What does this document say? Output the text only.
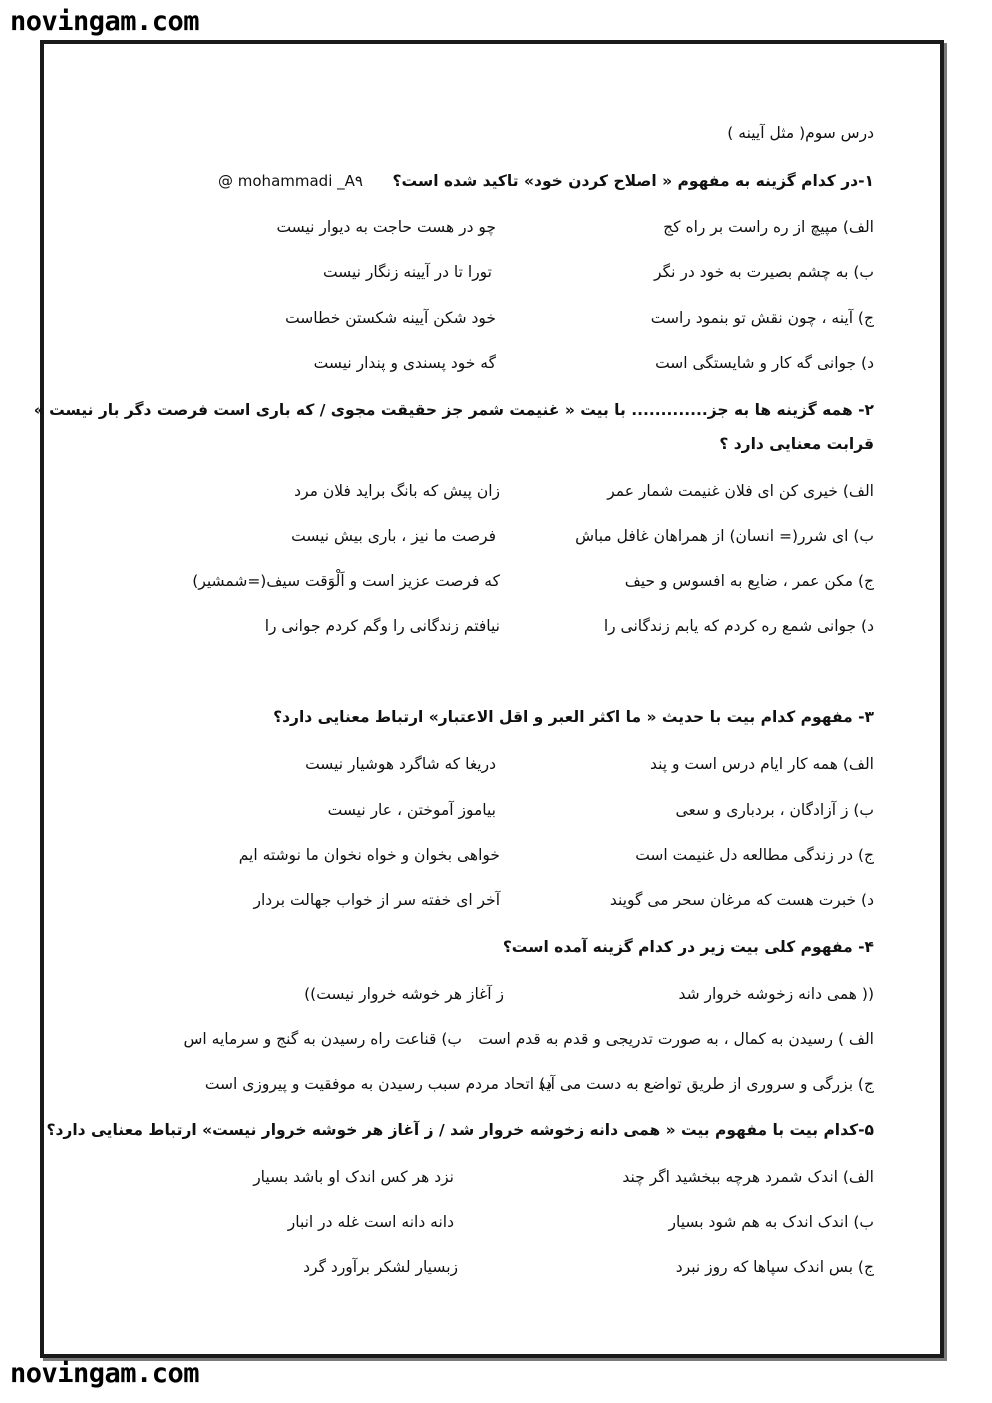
novingam.com
درس سوم( مثل آیینه )
۱-در کدام گزینه به مفهوم « اصلاح کردن خود» تاکید شده است؟
@ mohammadi _A۹
الف) مپیچ از ره راست بر راه کج
چو در هست حاجت به دیوار نیست
ب) به چشم بصیرت به خود در نگر
تورا تا در آیینه زنگار نیست
ج) آینه ، چون نقش تو بنمود راست
خود شکن آیینه شکستن خطاست
د) جوانی گه کار و شایستگی است
گه خود پسندی و پندار نیست
۲- همه گزینه ها به جز............. با بیت « غنیمت شمر جز حقیقت مجوی / که باری است فرصت دگر بار نیست »
قرابت معنایی دارد ؟
الف) خیری کن ای فلان غنیمت شمار عمر
زان پیش که بانگ براید فلان مرد
ب) ای شرر(= انسان) از همراهان غافل مباش
فرصت ما نیز ، باری بیش نیست
ج) مکن عمر ، ضایع به افسوس و حیف
که فرصت عزیز است و اَلْوَقت سیف(=شمشیر)
د) جوانی شمع ره کردم که یابم زندگانی را
نیافتم زندگانی را وگم کردم جوانی را
۳- مفهوم کدام بیت با حدیث « ما اکثر العبر و اقل الاعتبار» ارتباط معنایی دارد؟
الف) همه کار ایام درس است و پند
دریغا که شاگرد هوشیار نیست
ب) ز آزادگان ، بردباری و سعی
بیاموز آموختن ، عار نیست
ج) در زندگی مطالعه دل غنیمت است
خواهی بخوان و خواه نخوان ما نوشته ایم
د) خبرت هست که مرغان سحر می گویند
آخر ای خفته سر از خواب جهالت بردار
۴- مفهوم کلی بیت زیر در کدام گزینه آمده است؟
(( همی دانه زخوشه خروار شد
ز آغاز هر خوشه خروار نیست))
الف ) رسیدن به کمال ، به صورت تدریجی و قدم به قدم است
ب) قناعت راه رسیدن به گنج و سرمایه اس
ج) بزرگی و سروری از طریق تواضع به دست می آید
د) اتحاد مردم سبب رسیدن به موفقیت و پیروزی است
۵-کدام بیت با مفهوم بیت « همی دانه زخوشه خروار شد / ز آغاز هر خوشه خروار نیست» ارتباط معنایی دارد؟
الف) اندک شمرد هرچه ببخشید اگر چند
نزد هر کس اندک او باشد بسیار
ب) اندک اندک به هم شود بسیار
دانه دانه است غله در انبار
ج) بس اندک سپاها که روز نبرد
زبسیار لشکر برآورد گرد
novingam.com
